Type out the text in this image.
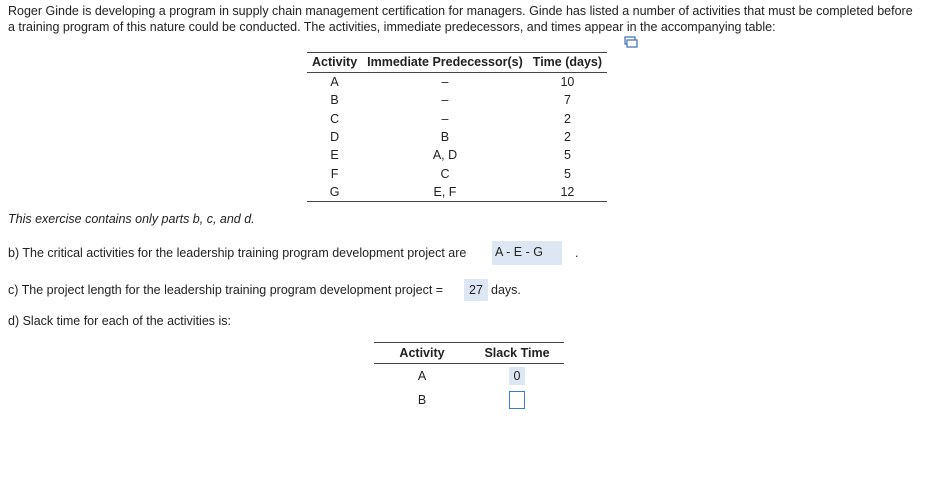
Roger Ginde is developing a program in supply chain management certification for managers. Ginde has listed a number of activities that must be completed before a training program of this nature could be conducted. The activities, immediate predecessors, and times appear in the accompanying table:
Activity	Immediate Predecessor(s)	Time (days)
A	–	10
B	–	7
C	–	2
D	B	2
E	A, D	5
F	C	5
G	E, F	12
This exercise contains only parts b, c, and d.
b) The critical activities for the leadership training program development project are A - E - G	.
c) The project length for the leadership training program development project =	27 days.
d) Slack time for each of the activities is:
Activity	Slack Time
A	0
B	
